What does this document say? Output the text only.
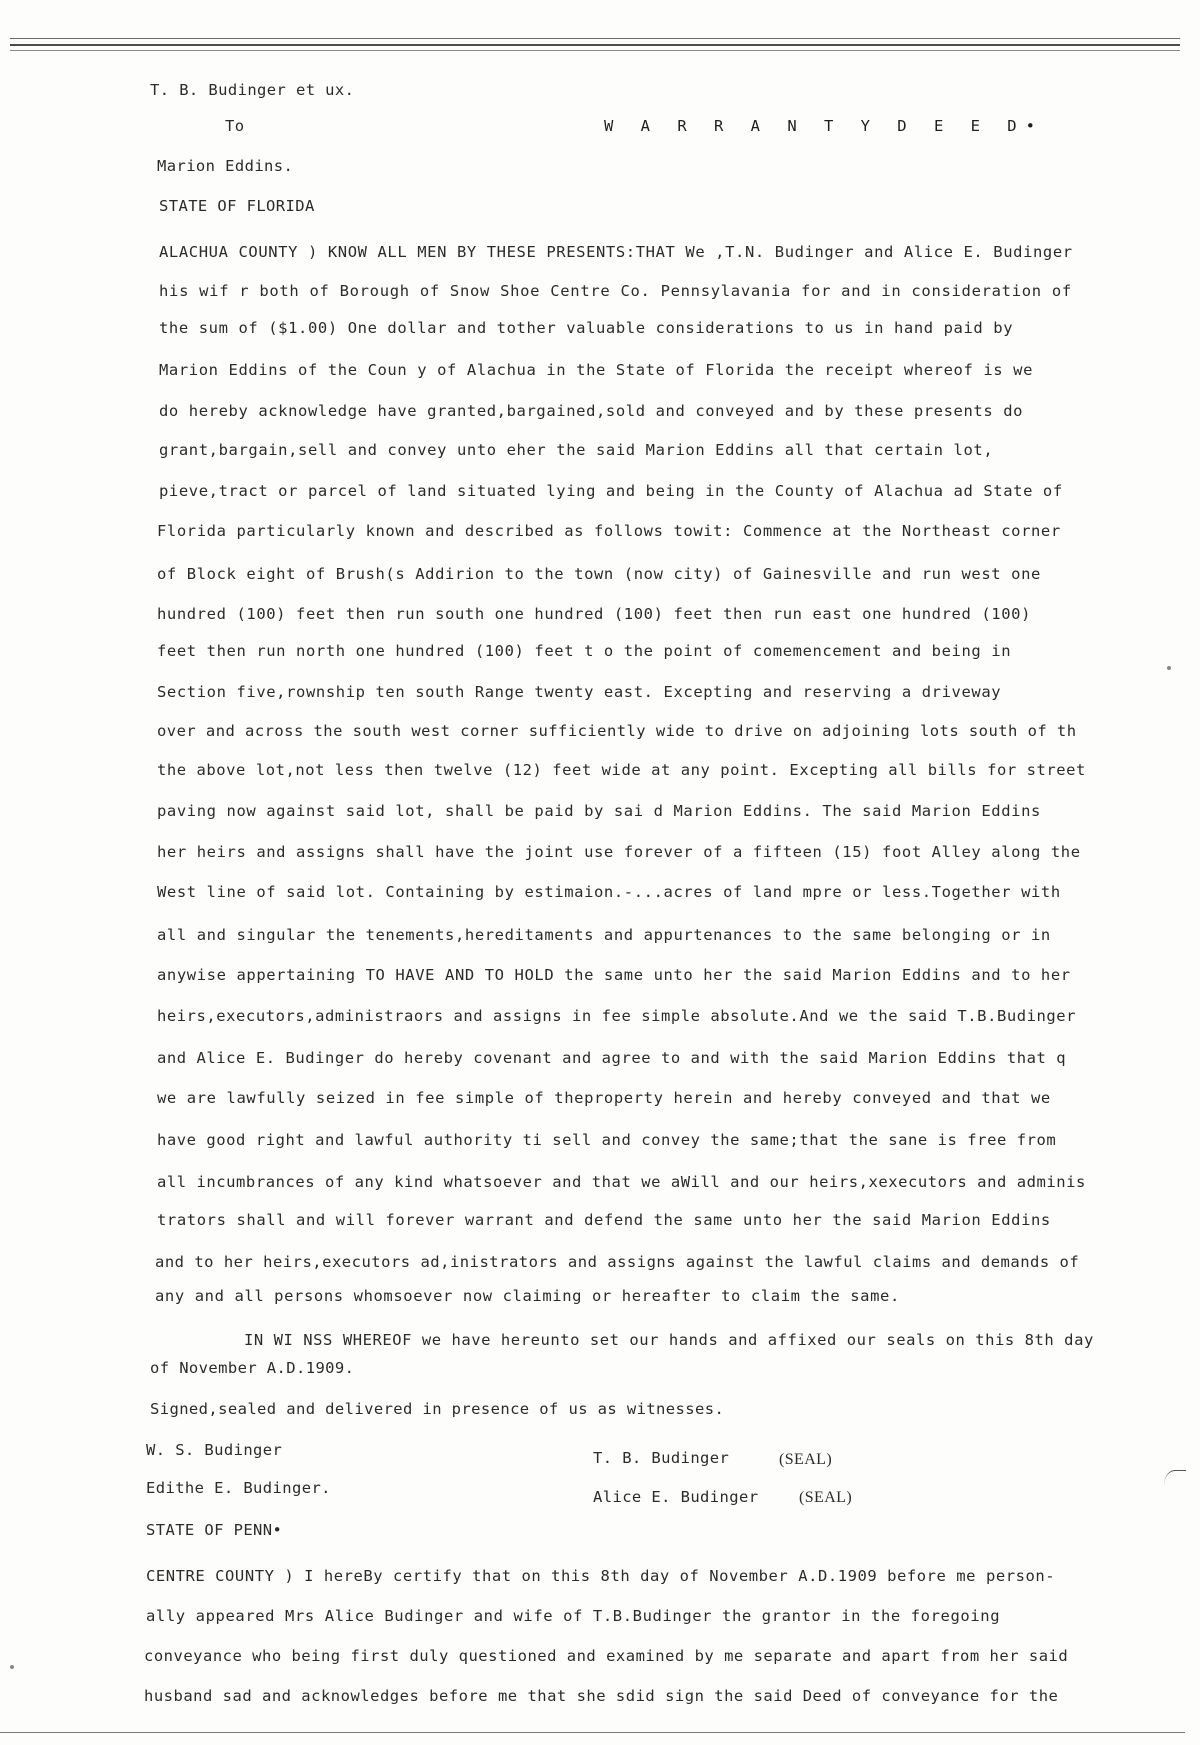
T. B. Budinger et ux.
To	W A R R A N T Y D E E D•
Marion Eddins.
STATE OF FLORIDA
ALACHUA COUNTY ) KNOW ALL MEN BY THESE PRESENTS:THAT We ,T.N. Budinger and Alice E. Budinger
his wif r both of Borough of Snow Shoe Centre Co. Pennsylavania for and in consideration of
the sum of ($1.00) One dollar and tother valuable considerations to us in hand paid by
Marion Eddins of the Coun y of Alachua in the State of Florida the receipt whereof is we
do hereby acknowledge have granted,bargained,sold and conveyed and by these presents do
grant,bargain,sell and convey unto eher the said Marion Eddins all that certain lot,
pieve,tract or parcel of land situated lying and being in the County of Alachua ad State of
Florida particularly known and described as follows towit: Commence at the Northeast corner
of Block eight of Brush(s Addirion to the town (now city) of Gainesville and run west one
hundred (100) feet then run south one hundred (100) feet then run east one hundred (100)
feet then run north one hundred (100) feet t o the point of comemencement and being in
Section five,rownship ten south Range twenty east. Excepting and reserving a driveway
over and across the south west corner sufficiently wide to drive on adjoining lots south of th
the above lot,not less then twelve (12) feet wide at any point. Excepting all bills for street
paving now against said lot, shall be paid by sai d Marion Eddins. The said Marion Eddins
her heirs and assigns shall have the joint use forever of a fifteen (15) foot Alley along the
West line of said lot. Containing by estimaion.-...acres of land mpre or less.Together with
all and singular the tenements,hereditaments and appurtenances to the same belonging or in
anywise appertaining TO HAVE AND TO HOLD the same unto her the said Marion Eddins and to her
heirs,executors,administraors and assigns in fee simple absolute.And we the said T.B.Budinger
and Alice E. Budinger do hereby covenant and agree to and with the said Marion Eddins that q
we are lawfully seized in fee simple of theproperty herein and hereby conveyed and that we
have good right and lawful authority ti sell and convey the same;that the sane is free from
all incumbrances of any kind whatsoever and that we aWill and our heirs,xexecutors and adminis
trators shall and will forever warrant and defend the same unto her the said Marion Eddins
and to her heirs,executors ad,inistrators and assigns against the lawful claims and demands of
any and all persons whomsoever now claiming or hereafter to claim the same.
IN WI NSS WHEREOF we have hereunto set our hands and affixed our seals on this 8th day
of November A.D.1909.
Signed,sealed and delivered in presence of us as witnesses.
W. S. Budinger	T. B. Budinger	(SEAL)
Edithe E. Budinger.	Alice E. Budinger	(SEAL)
STATE OF PENN•
CENTRE COUNTY ) I hereBy certify that on this 8th day of November A.D.1909 before me person-
ally appeared Mrs Alice Budinger and wife of T.B.Budinger the grantor in the foregoing
conveyance who being first duly questioned and examined by me separate and apart from her said
husband sad and acknowledges before me that she sdid sign the said Deed of conveyance for the
